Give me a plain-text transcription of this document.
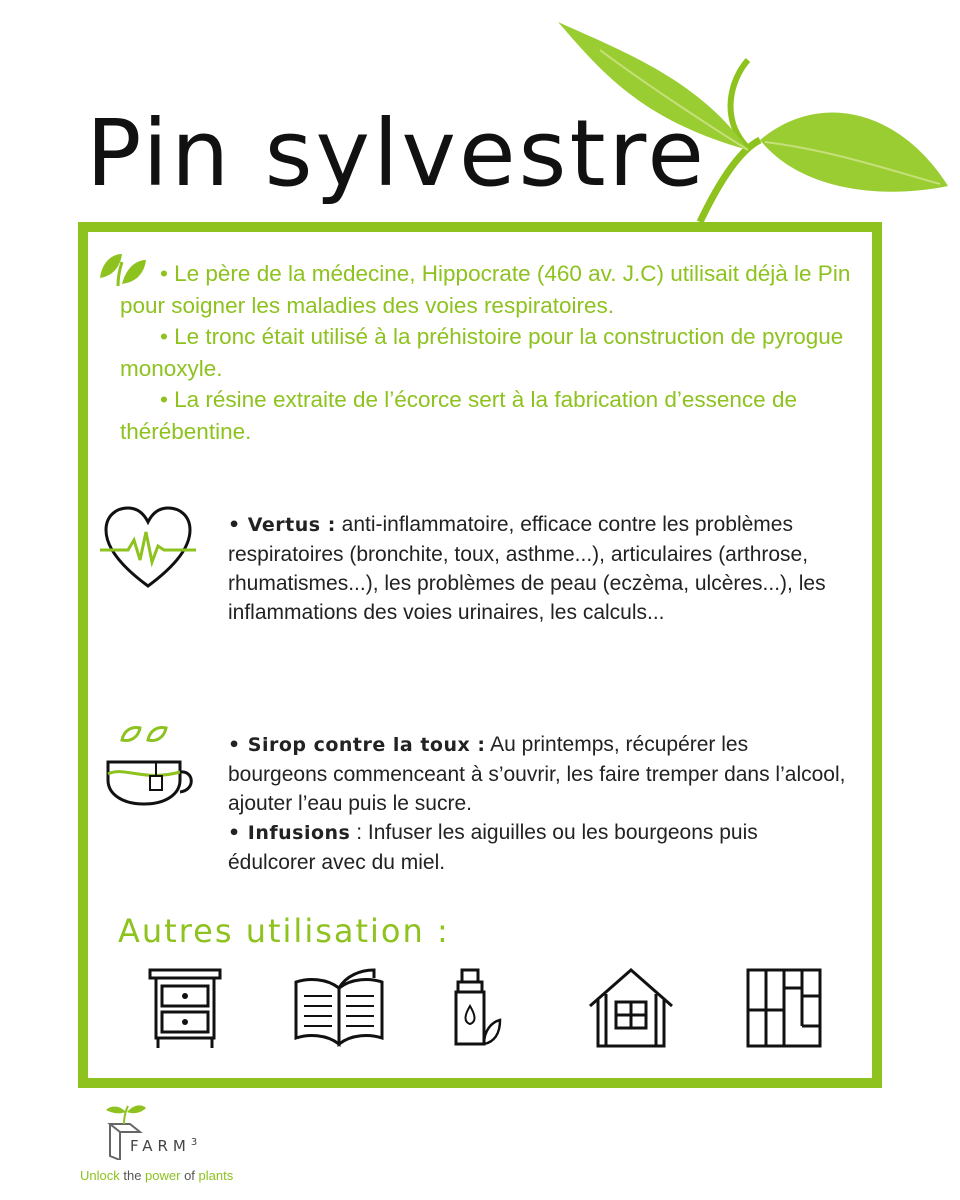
Pin sylvestre

• Le père de la médecine, Hippocrate (460 av. J.C) utilisait déjà le Pin pour soigner les maladies des voies respiratoires.

• Le tronc était utilisé à la préhistoire pour la construction de pyrogue monoxyle.

• La résine extraite de l’écorce sert à la fabrication d’essence de thérébentine.

• Vertus : anti-inflammatoire, efficace contre les problèmes respiratoires (bronchite, toux, asthme...), articulaires (arthrose, rhumatismes...), les problèmes de peau (eczèma, ulcères...), les inflammations des voies urinaires, les calculs...

• Sirop contre la toux : Au printemps, récupérer les bourgeons commenceant à s’ouvrir, les faire tremper dans l’alcool, ajouter l’eau puis le sucre.

• Infusions : Infuser les aiguilles ou les bourgeons puis édulcorer avec du miel.

Autres utilisation :
FARM$^3$
Unlock the power of plants
